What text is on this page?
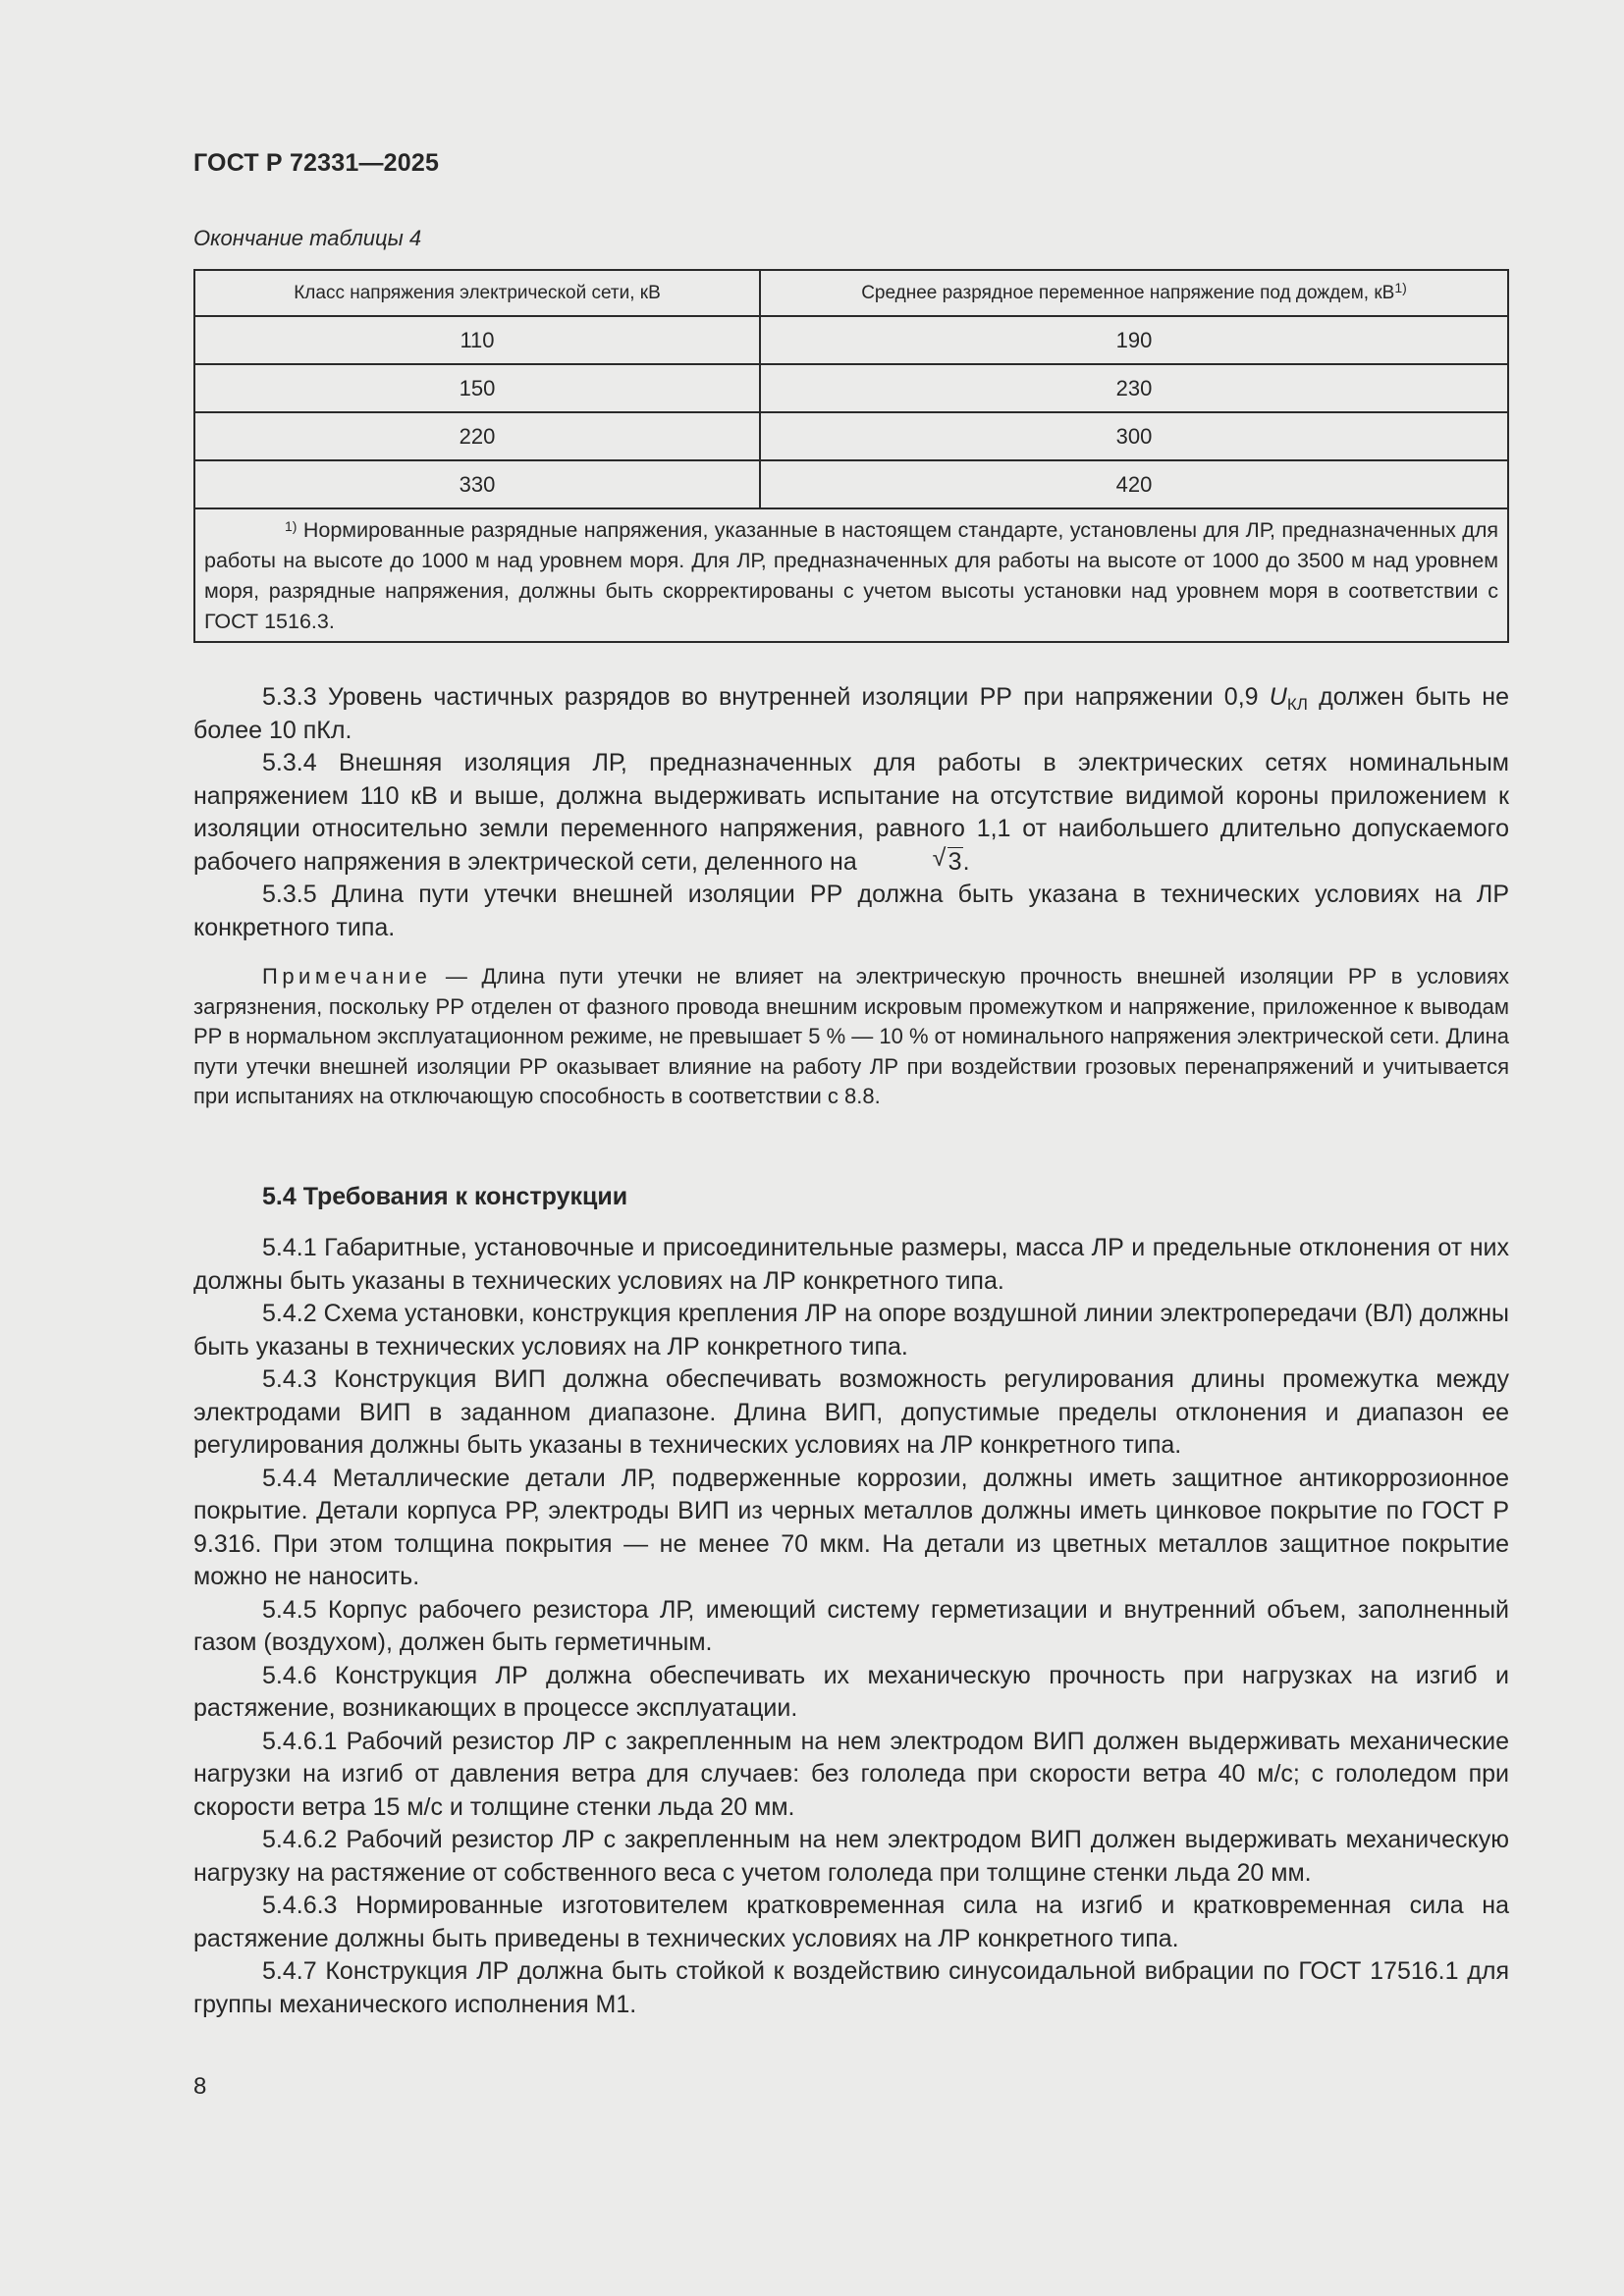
ГОСТ Р 72331—2025
Окончание таблицы 4
Класс напряжения электрической сети, кВ	Среднее разрядное переменное напряжение под дождем, $кВ^{1)}$
110	190
150	230
220	300
330	420
$^{1)}$ Нормированные разрядные напряжения, указанные в настоящем стандарте, установлены для ЛР, предназначенных для работы на высоте до 1000 м над уровнем моря. Для ЛР, предназначенных для работы на высоте от 1000 до 3500 м над уровнем моря, разрядные напряжения, должны быть скорректированы с учетом высоты установки над уровнем моря в соответствии с ГОСТ 1516.3.	

5.3.3 Уровень частичных разрядов во внутренней изоляции РР при напряжении 0,9 $U_{КЛ}$ должен быть не более 10 пКл.

5.3.4 Внешняя изоляция ЛР, предназначенных для работы в электрических сетях номинальным напряжением 110 кВ и выше, должна выдерживать испытание на отсутствие видимой короны приложением к изоляции относительно земли переменного напряжения, равного 1,1 от наибольшего длительно допускаемого рабочего напряжения в электрической сети, деленного на	√ 3.

5.3.5 Длина пути утечки внешней изоляции РР должна быть указана в технических условиях на ЛР конкретного типа.

Примечание — Длина пути утечки не влияет на электрическую прочность внешней изоляции РР в условиях загрязнения, поскольку РР отделен от фазного провода внешним искровым промежутком и напряжение, приложенное к выводам РР в нормальном эксплуатационном режиме, не превышает 5 % — 10 % от номинального напряжения электрической сети. Длина пути утечки внешней изоляции РР оказывает влияние на работу ЛР при воздействии грозовых перенапряжений и учитывается при испытаниях на отключающую способность в соответствии с 8.8.

5.4 Требования к конструкции

5.4.1 Габаритные, установочные и присоединительные размеры, масса ЛР и предельные отклонения от них должны быть указаны в технических условиях на ЛР конкретного типа.

5.4.2 Схема установки, конструкция крепления ЛР на опоре воздушной линии электропередачи (ВЛ) должны быть указаны в технических условиях на ЛР конкретного типа.

5.4.3 Конструкция ВИП должна обеспечивать возможность регулирования длины промежутка между электродами ВИП в заданном диапазоне. Длина ВИП, допустимые пределы отклонения и диапазон ее регулирования должны быть указаны в технических условиях на ЛР конкретного типа.

5.4.4 Металлические детали ЛР, подверженные коррозии, должны иметь защитное антикоррозионное покрытие. Детали корпуса РР, электроды ВИП из черных металлов должны иметь цинковое покрытие по ГОСТ Р 9.316. При этом толщина покрытия — не менее 70 мкм. На детали из цветных металлов защитное покрытие можно не наносить.

5.4.5 Корпус рабочего резистора ЛР, имеющий систему герметизации и внутренний объем, заполненный газом (воздухом), должен быть герметичным.

5.4.6 Конструкция ЛР должна обеспечивать их механическую прочность при нагрузках на изгиб и растяжение, возникающих в процессе эксплуатации.

5.4.6.1 Рабочий резистор ЛР с закрепленным на нем электродом ВИП должен выдерживать механические нагрузки на изгиб от давления ветра для случаев: без гололеда при скорости ветра 40 м/с; с гололедом при скорости ветра 15 м/с и толщине стенки льда 20 мм.

5.4.6.2 Рабочий резистор ЛР с закрепленным на нем электродом ВИП должен выдерживать механическую нагрузку на растяжение от собственного веса с учетом гололеда при толщине стенки льда 20 мм.

5.4.6.3 Нормированные изготовителем кратковременная сила на изгиб и кратковременная сила на растяжение должны быть приведены в технических условиях на ЛР конкретного типа.

5.4.7 Конструкция ЛР должна быть стойкой к воздействию синусоидальной вибрации по ГОСТ 17516.1 для группы механического исполнения М1.

8
